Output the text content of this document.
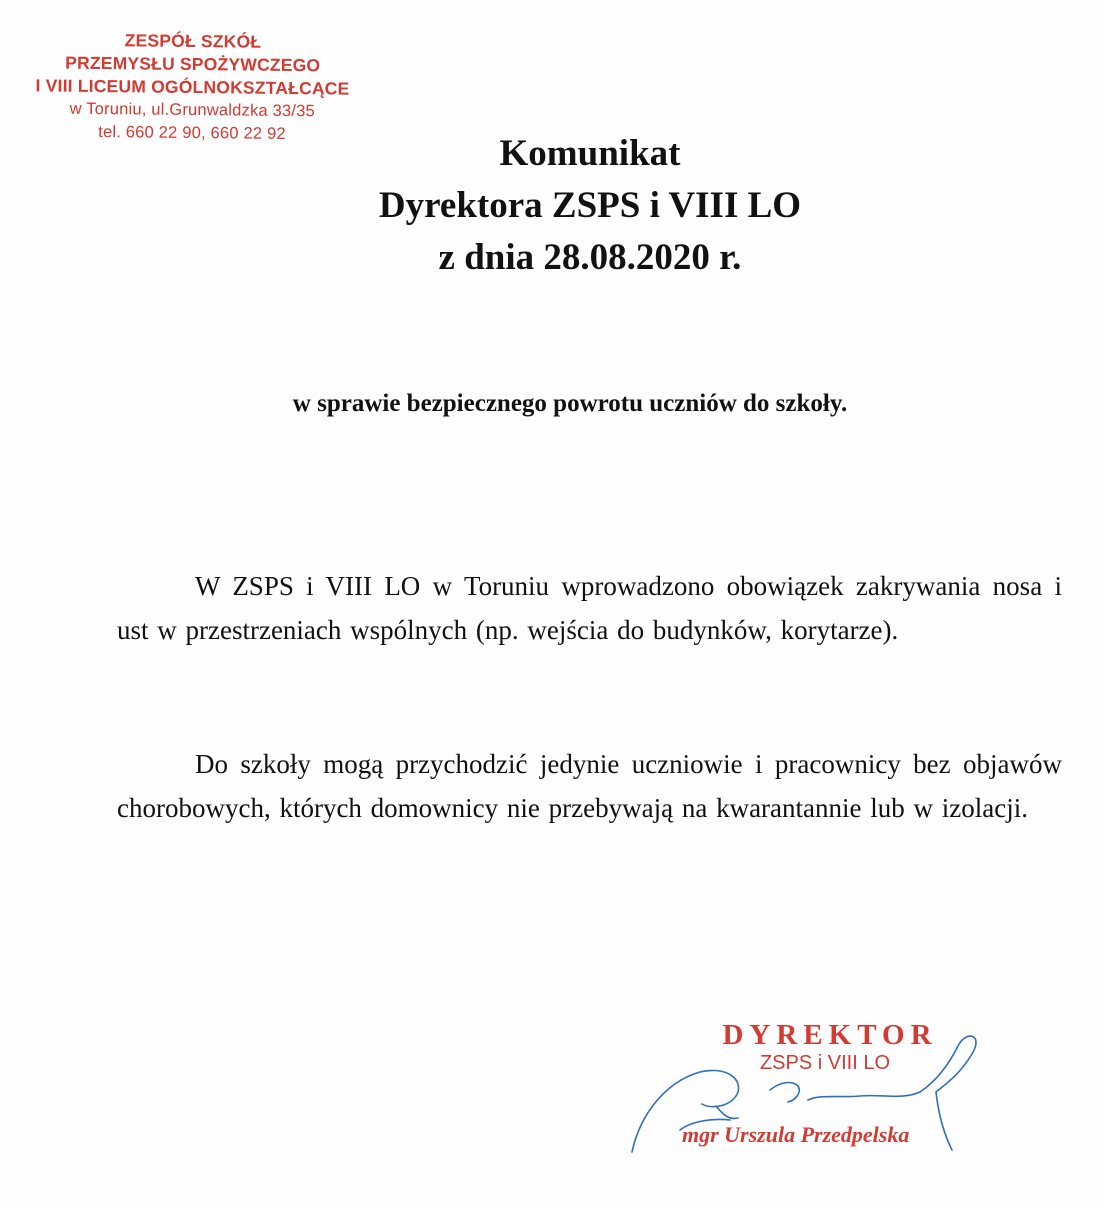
ZESPÓŁ SZKÓŁ
PRZEMYSŁU SPOŻYWCZEGO
I VIII LICEUM OGÓLNOKSZTAŁCĄCE
w Toruniu, ul.Grunwaldzka 33/35
tel. 660 22 90, 660 22 92
Komunikat
Dyrektora ZSPS i VIII LO
z dnia 28.08.2020 r.
w sprawie bezpiecznego powrotu uczniów do szkoły.

W ZSPS i VIII LO w Toruniu wprowadzono obowiązek zakrywania nosa i ust w przestrzeniach wspólnych (np. wejścia do budynków, korytarze).

Do szkoły mogą przychodzić jedynie uczniowie i pracownicy bez objawów chorobowych, których domownicy nie przebywają na kwarantannie lub w izolacji.

DYREKTOR
ZSPS i VIII LO
mgr Urszula Przedpelska
